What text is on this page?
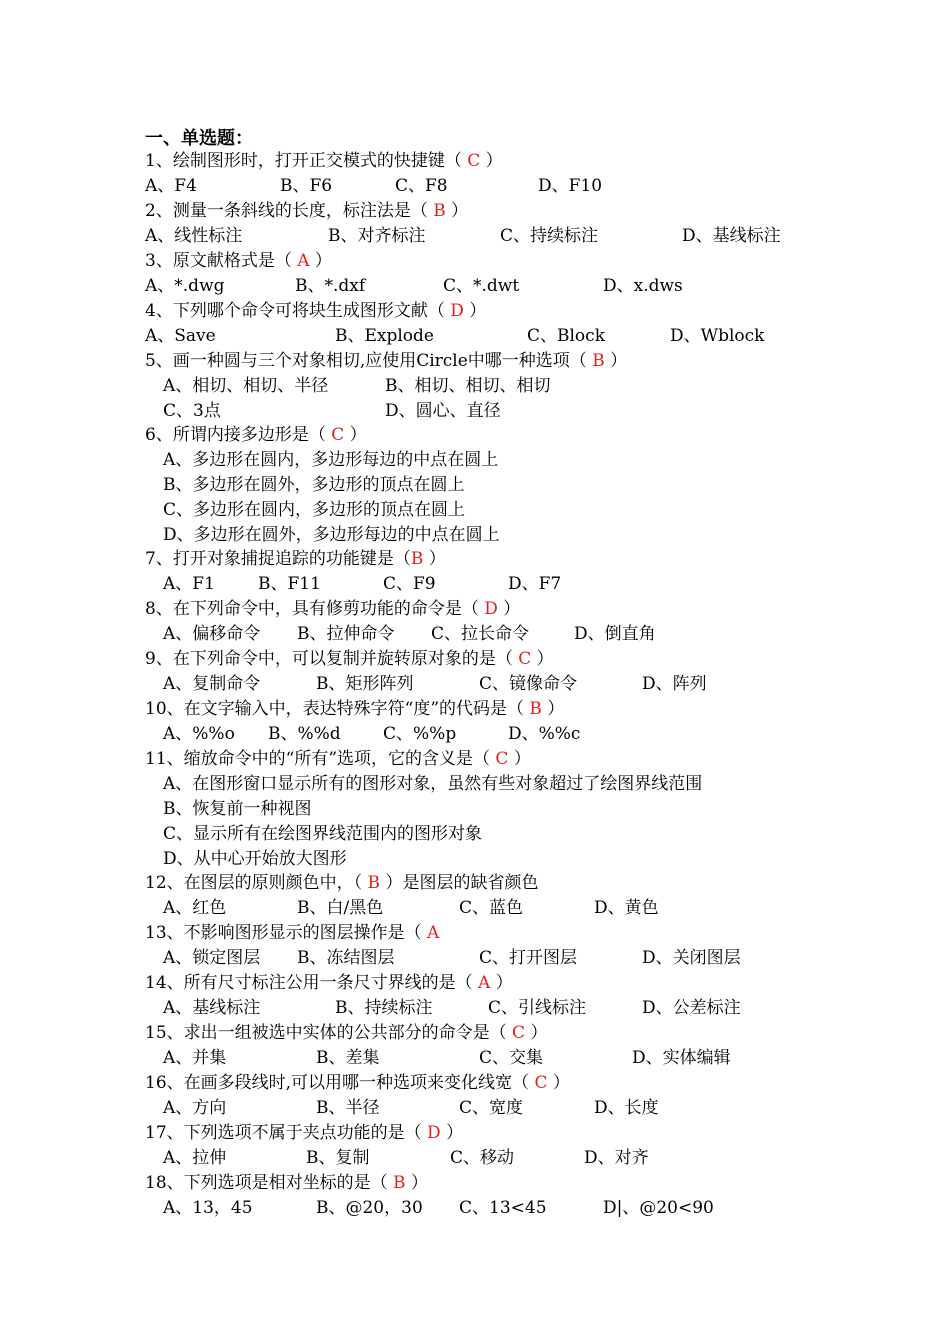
一、单选题：
1、绘制图形时，打开正交模式的快捷键（ C ）
A、F4	B、F6	C、F8	D、F10
2、测量一条斜线的长度，标注法是（ B ）
A、线性标注	B、对齐标注	C、持续标注	D、基线标注
3、原文献格式是（ A ）
A、*.dwg	B、*.dxf	C、*.dwt	D、x.dws
4、下列哪个命令可将块生成图形文献（ D ）
A、Save	B、Explode	C、Block	D、Wblock
5、画一种圆与三个对象相切,应使用Circle中哪一种选项（ B ）
A、相切、相切、半径	B、相切、相切、相切
C、3点	D、圆心、直径
6、所谓内接多边形是（ C ）
A、多边形在圆内，多边形每边的中点在圆上
B、多边形在圆外，多边形的顶点在圆上
C、多边形在圆内，多边形的顶点在圆上
D、多边形在圆外，多边形每边的中点在圆上
7、打开对象捕捉追踪的功能键是（B ）
A、F1	B、F11	C、F9	D、F7
8、在下列命令中，具有修剪功能的命令是（ D ）
A、偏移命令 B、拉伸命令 C、拉长命令	D、倒直角
9、在下列命令中，可以复制并旋转原对象的是（ C ）
A、复制命令	B、矩形阵列	C、镜像命令	D、阵列
10、在文字输入中，表达特殊字符“度”的代码是（ B ）
A、%%o B、%%d C、%%p	D、%%c
11、缩放命令中的“所有”选项，它的含义是（ C ）
A、在图形窗口显示所有的图形对象，虽然有些对象超过了绘图界线范围
B、恢复前一种视图
C、显示所有在绘图界线范围内的图形对象
D、从中心开始放大图形
12、在图层的原则颜色中，（ B ）是图层的缺省颜色
A、红色	B、白/黑色	C、蓝色	D、黄色
13、不影响图形显示的图层操作是（ A
A、锁定图层 B、冻结图层	C、打开图层	D、关闭图层
14、所有尺寸标注公用一条尺寸界线的是（ A ）
A、基线标注	B、持续标注	C、引线标注	D、公差标注
15、求出一组被选中实体的公共部分的命令是（ C ）
A、并集	B、差集	C、交集	D、实体编辑
16、在画多段线时,可以用哪一种选项来变化线宽（ C ）
A、方向	B、半径	C、宽度	D、长度
17、下列选项不属于夹点功能的是（ D ）
A、拉伸	B、复制	C、移动	D、对齐
18、下列选项是相对坐标的是（ B ）
A、13，45	B、@20，30 C、13<45	D|、@20<90
